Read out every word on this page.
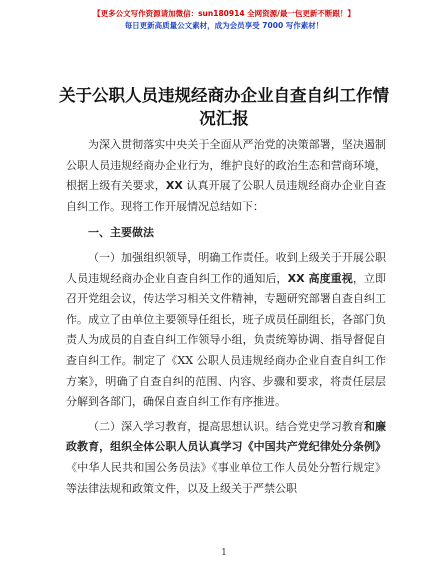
【更多公文写作资源请加微信：sun180914 全网资源/最一包更新不断跟！】
每日更新高质量公文素材，成为会员享受 7000 写作素材！
关于公职人员违规经商办企业自查自纠工作情况汇报

为深入贯彻落实中央关于全面从严治党的决策部署，坚决遏制公职人员违规经商办企业行为，维护良好的政治生态和营商环境，根据上级有关要求，XX 认真开展了公职人员违规经商办企业自查自纠工作。现将工作开展情况总结如下：

一、主要做法

（一）加强组织领导，明确工作责任。收到上级关于开展公职人员违规经商办企业自查自纠工作的通知后，XX 高度重视，立即召开党组会议，传达学习相关文件精神，专题研究部署自查自纠工作。成立了由单位主要领导任组长，班子成员任副组长，各部门负责人为成员的自查自纠工作领导小组，负责统筹协调、指导督促自查自纠工作。制定了《XX 公职人员违规经商办企业自查自纠工作方案》，明确了自查自纠的范围、内容、步骤和要求，将责任层层分解到各部门，确保自查自纠工作有序推进。

（二）深入学习教育，提高思想认识。结合党史学习教育和廉政教育，组织全体公职人员认真学习《中国共产党纪律处分条例》《中华人民共和国公务员法》《事业单位工作人员处分暂行规定》等法律法规和政策文件，以及上级关于严禁公职

1
